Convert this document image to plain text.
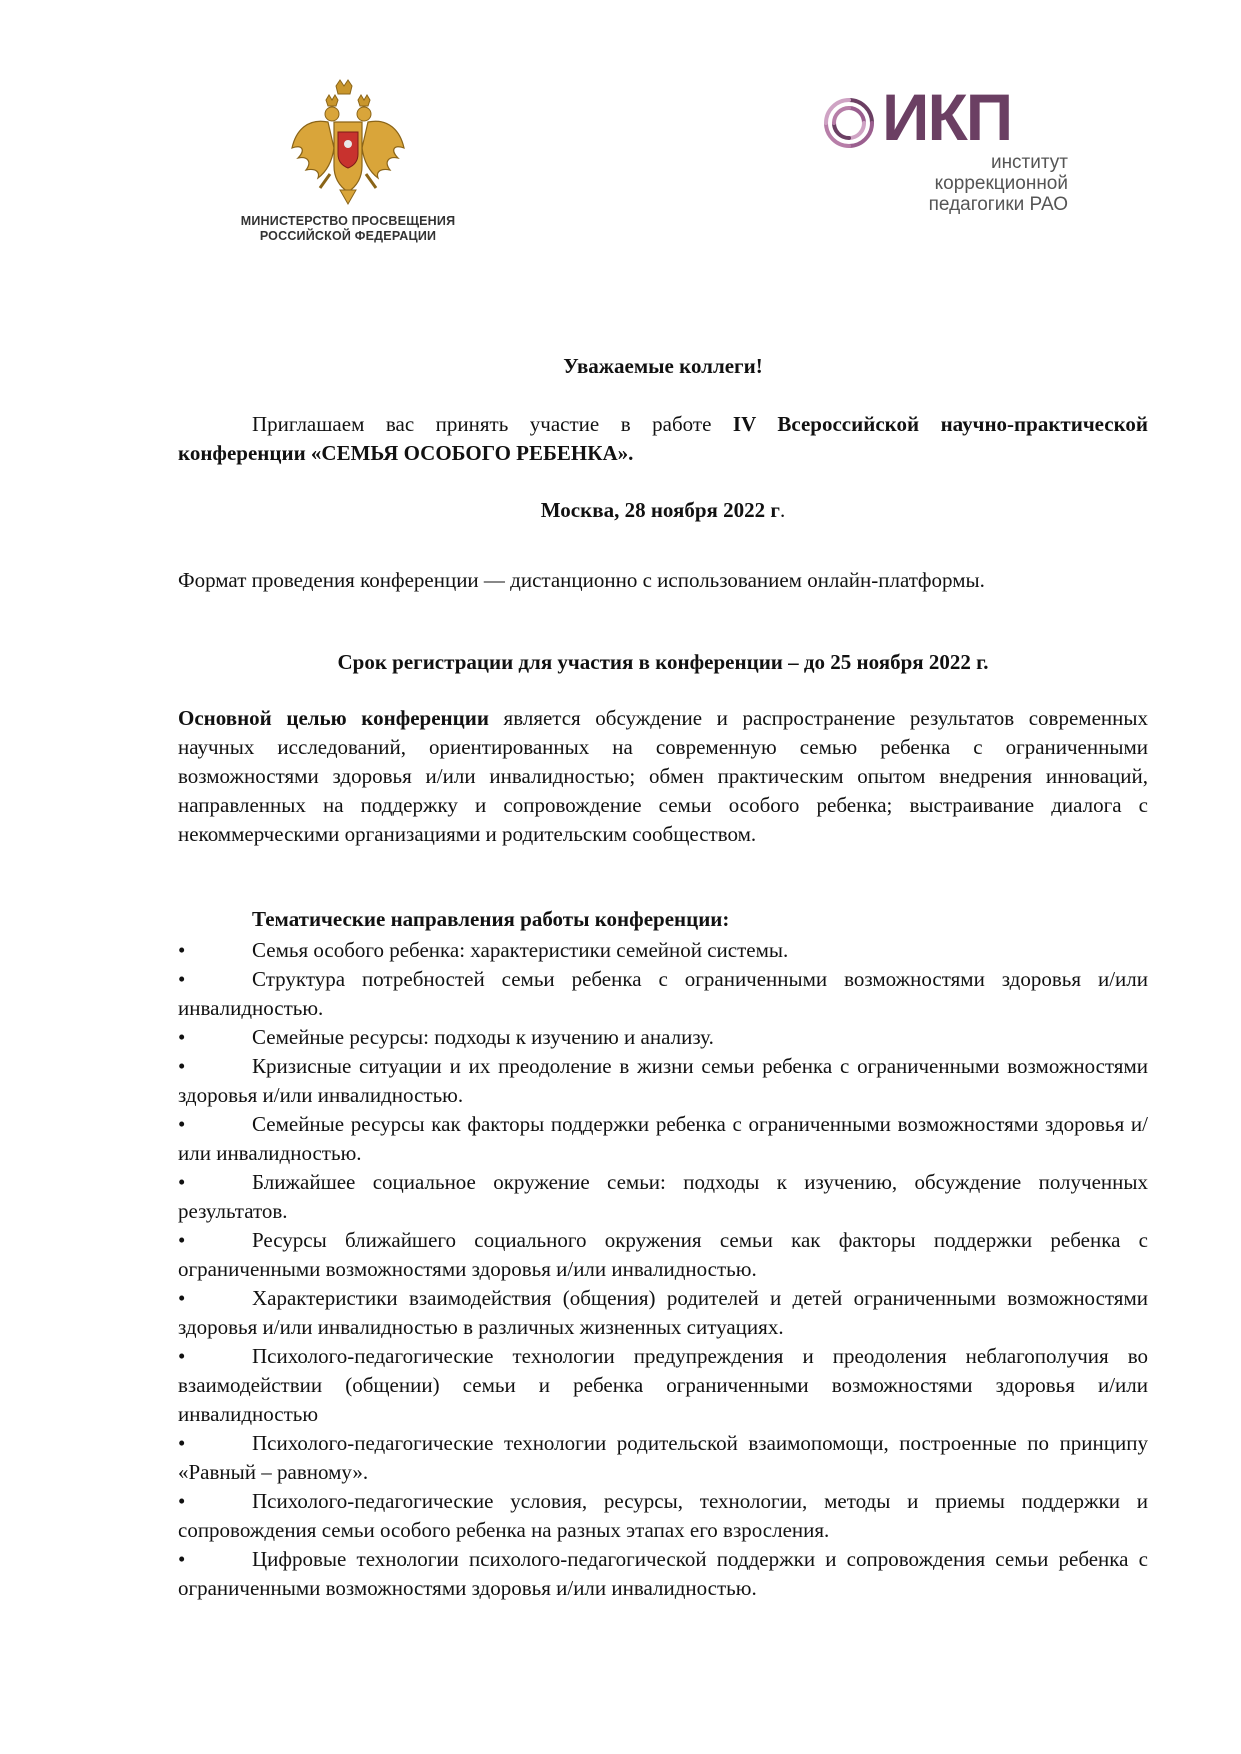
МИНИСТЕРСТВО ПРОСВЕЩЕНИЯ
РОССИЙСКОЙ ФЕДЕРАЦИИ
ИКП
институт
коррекционной
педагогики РАО
Уважаемые коллеги!
Приглашаем вас принять участие в работе IV Всероссийской научно-практической конференции «СЕМЬЯ ОСОБОГО РЕБЕНКА».
Москва, 28 ноября 2022 г.
Формат проведения конференции — дистанционно с использованием онлайн-платформы.
Срок регистрации для участия в конференции – до 25 ноября 2022 г.
Основной целью конференции является обсуждение и распространение результатов современных научных исследований, ориентированных на современную семью ребенка с ограниченными возможностями здоровья и/или инвалидностью; обмен практическим опытом внедрения инноваций, направленных на поддержку и сопровождение семьи особого ребенка; выстраивание диалога с некоммерческими организациями и родительским сообществом.
Тематические направления работы конференции:
•	Семья особого ребенка: характеристики семейной системы.
•	Структура потребностей семьи ребенка с ограниченными возможностями здоровья и/или инвалидностью.
•	Семейные ресурсы: подходы к изучению и анализу.
•	Кризисные ситуации и их преодоление в жизни семьи ребенка с ограниченными возможностями здоровья и/или инвалидностью.
•	Семейные ресурсы как факторы поддержки ребенка с ограниченными возможностями здоровья и/или инвалидностью.
•	Ближайшее социальное окружение семьи: подходы к изучению, обсуждение полученных результатов.
•	Ресурсы ближайшего социального окружения семьи как факторы поддержки ребенка с ограниченными возможностями здоровья и/или инвалидностью.
•	Характеристики взаимодействия (общения) родителей и детей ограниченными возможностями здоровья и/или инвалидностью в различных жизненных ситуациях.
•	Психолого-педагогические технологии предупреждения и преодоления неблагополучия во взаимодействии (общении) семьи и ребенка ограниченными возможностями здоровья и/или инвалидностью
•	Психолого-педагогические технологии родительской взаимопомощи, построенные по принципу «Равный – равному».
•	Психолого-педагогические условия, ресурсы, технологии, методы и приемы поддержки и сопровождения семьи особого ребенка на разных этапах его взросления.
•	Цифровые технологии психолого-педагогической поддержки и сопровождения семьи ребенка с ограниченными возможностями здоровья и/или инвалидностью.
